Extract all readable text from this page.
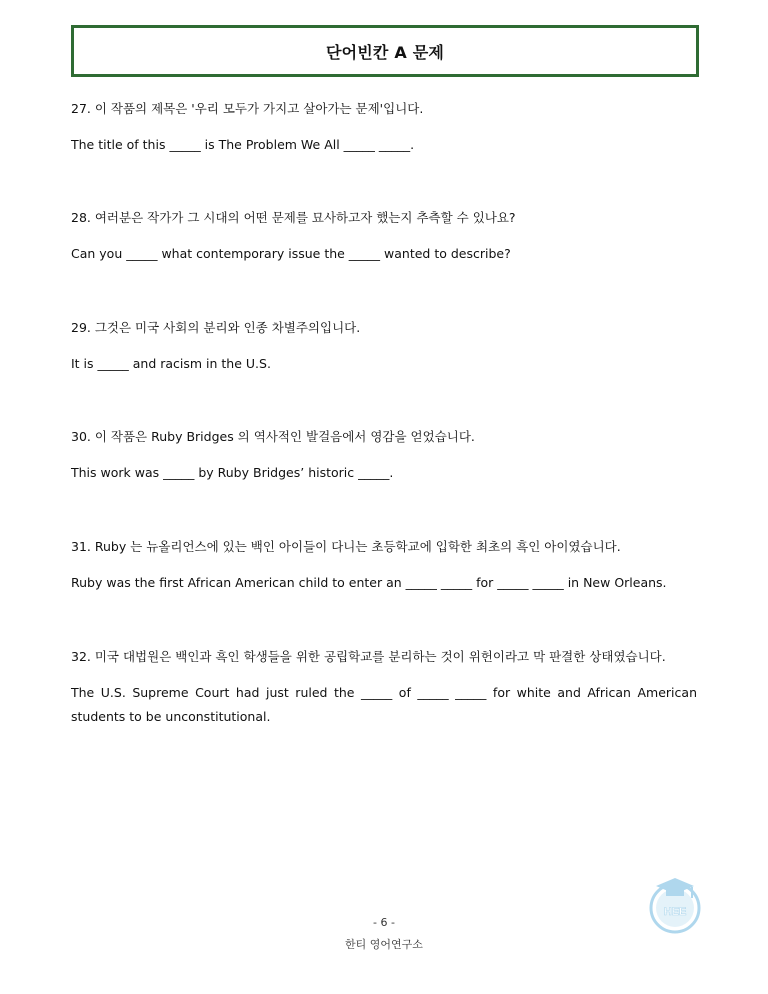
단어빈칸 A 문제
27. 이 작품의 제목은 '우리 모두가 가지고 살아가는 문제'입니다.
The title of this _____ is The Problem We All _____ _____.
28. 여러분은 작가가 그 시대의 어떤 문제를 묘사하고자 했는지 추측할 수 있나요?
Can you _____ what contemporary issue the _____ wanted to describe?
29. 그것은 미국 사회의 분리와 인종 차별주의입니다.
It is _____ and racism in the U.S.
30. 이 작품은 Ruby Bridges 의 역사적인 발걸음에서 영감을 얻었습니다.
This work was _____ by Ruby Bridges’ historic _____.
31. Ruby 는 뉴올리언스에 있는 백인 아이들이 다니는 초등학교에 입학한 최초의 흑인 아이였습니다.
Ruby was the first African American child to enter an _____ _____ for _____ _____ in New Orleans.
32. 미국 대법원은 백인과 흑인 학생들을 위한 공립학교를 분리하는 것이 위헌이라고 막 판결한 상태였습니다.
The U.S. Supreme Court had just ruled the _____ of _____ _____ for white and African American students to be unconstitutional.
- 6 -
한티 영어연구소
HEE
